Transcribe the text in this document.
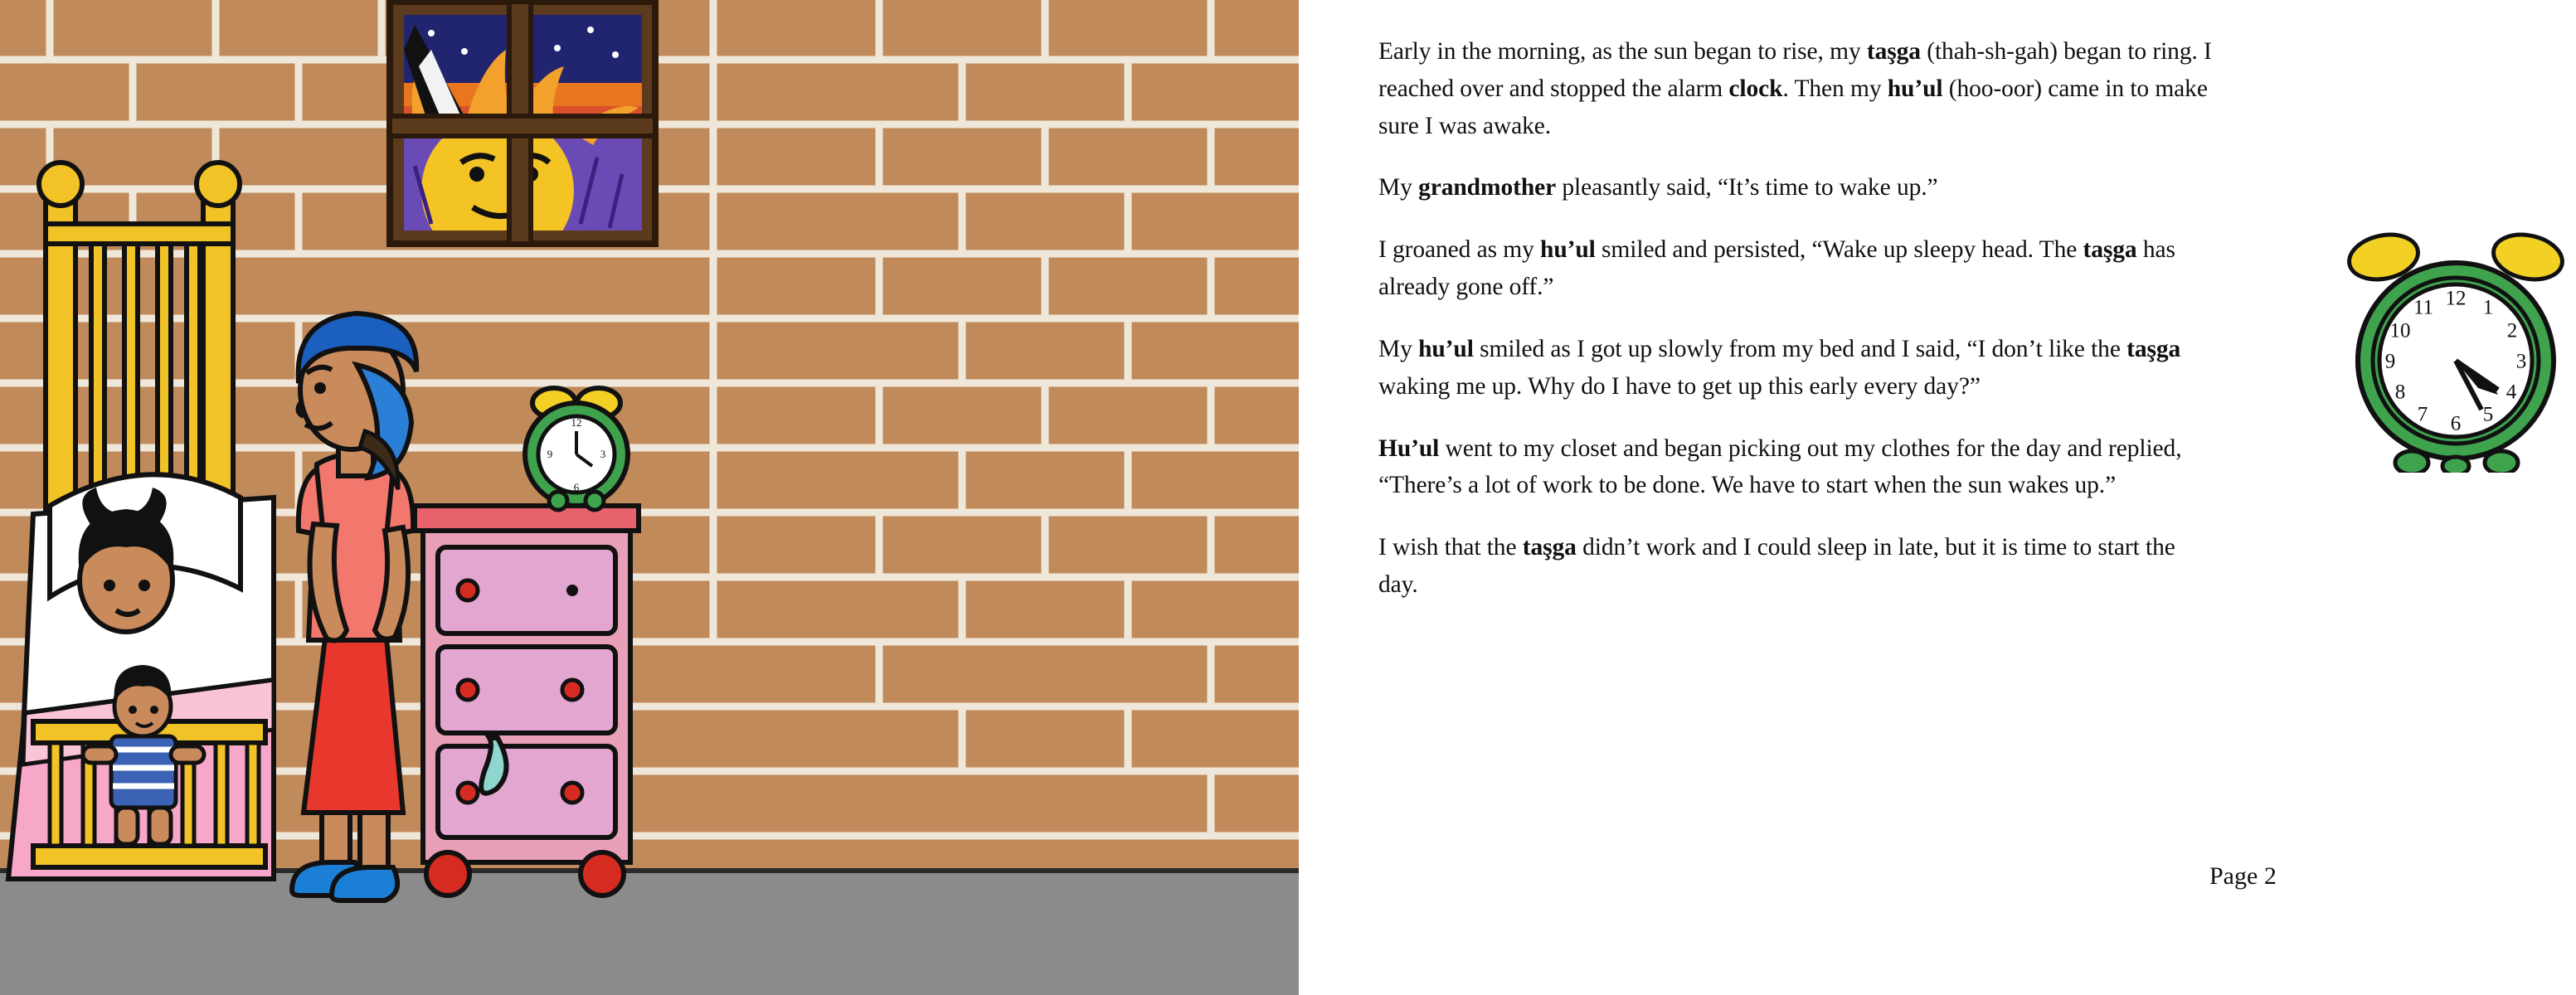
12
3
6
9

Early in the morning, as the sun began to rise, my taşga (thah-sh-gah) began to ring. I reached over and stopped the alarm clock. Then my hu’ul (hoo-oor) came in to make sure I was awake.

My grandmother pleasantly said, “It’s time to wake up.”

I groaned as my hu’ul smiled and persisted, “Wake up sleepy head. The taşga has already gone off.”

My hu’ul smiled as I got up slowly from my bed and I said, “I don’t like the taşga waking me up. Why do I have to get up this early every day?”

Hu’ul went to my closet and began picking out my clothes for the day and replied, “There’s a lot of work to be done. We have to start when the sun wakes up.”

I wish that the taşga didn’t work and I could sleep in late, but it is time to start the day.

Page 2
12 1
2
3
4
5
6
7
8
9
10
11
